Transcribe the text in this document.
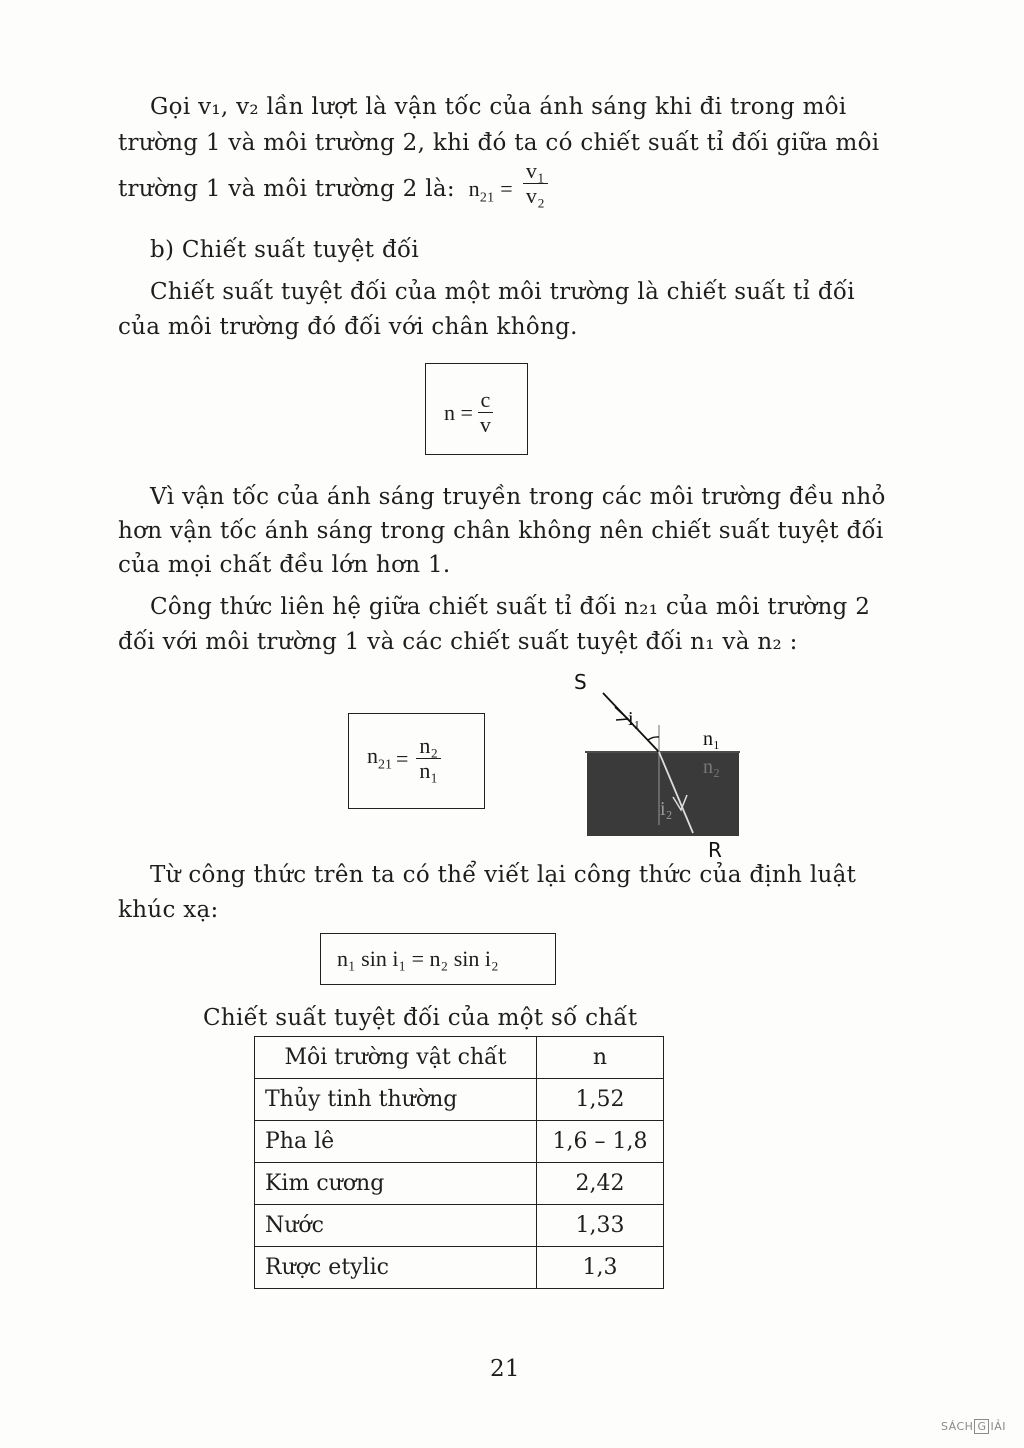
Gọi v₁, v₂ lần lượt là vận tốc của ánh sáng khi đi trong môi
trường 1 và môi trường 2, khi đó ta có chiết suất tỉ đối giữa môi
trường 1 và môi trường 2 là: $n_{21} = \frac{\text{v₁}}{\text{v₂}}$
b) Chiết suất tuyệt đối
Chiết suất tuyệt đối của một môi trường là chiết suất tỉ đối
của môi trường đó đối với chân không.
$n = \frac{c}{v}$
Vì vận tốc của ánh sáng truyền trong các môi trường đều nhỏ
hơn vận tốc ánh sáng trong chân không nên chiết suất tuyệt đối
của mọi chất đều lớn hơn 1.
Công thức liên hệ giữa chiết suất tỉ đối n₂₁ của môi trường 2
đối với môi trường 1 và các chiết suất tuyệt đối n₁ và n₂ :
$n_{21} = \frac{\text{n₂}}{\text{n₁}}$
S
i₁
n₁
n₂
i₂
R
Từ công thức trên ta có thể viết lại công thức của định luật
khúc xạ:
n₁ sin i₁ = n₂ sin i₂
Chiết suất tuyệt đối của một số chất
Môi trường vật chất	n
Thủy tinh thường	1,52
Pha lê	1,6 – 1,8
Kim cương	2,42
Nước	1,33
Rược etylic	1,3
21
SÁCH G IẢI
